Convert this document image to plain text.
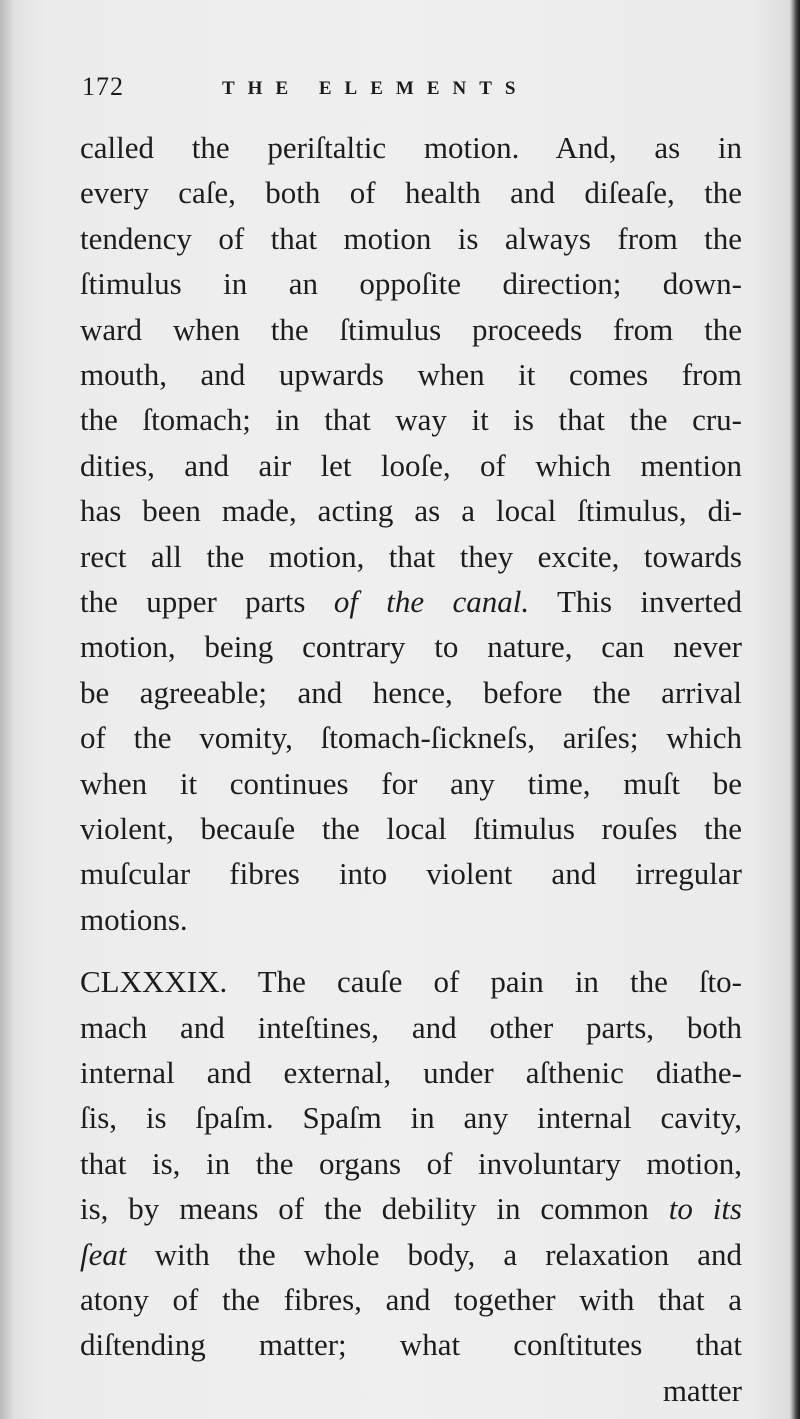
172	THE ELEMENTS
called the periſtaltic motion. And, as in
every caſe, both of health and diſeaſe, the
tendency of that motion is always from the
ſtimulus in an oppoſite direction; down-
ward when the ſtimulus proceeds from the
mouth, and upwards when it comes from
the ſtomach; in that way it is that the cru-
dities, and air let looſe, of which mention
has been made, acting as a local ſtimulus, di-
rect all the motion, that they excite, towards
the upper parts of the canal. This inverted
motion, being contrary to nature, can never
be agreeable; and hence, before the arrival
of the vomity, ſtomach-ſickneſs, ariſes; which
when it continues for any time, muſt be
violent, becauſe the local ſtimulus rouſes the
muſcular fibres into violent and irregular
motions.
CLXXXIX. The cauſe of pain in the ſto-
mach and inteſtines, and other parts, both
internal and external, under aſthenic diathe-
ſis, is ſpaſm. Spaſm in any internal cavity,
that is, in the organs of involuntary motion,
is, by means of the debility in common to its
ſeat with the whole body, a relaxation and
atony of the fibres, and together with that a
diſtending matter; what conſtitutes that
matter
